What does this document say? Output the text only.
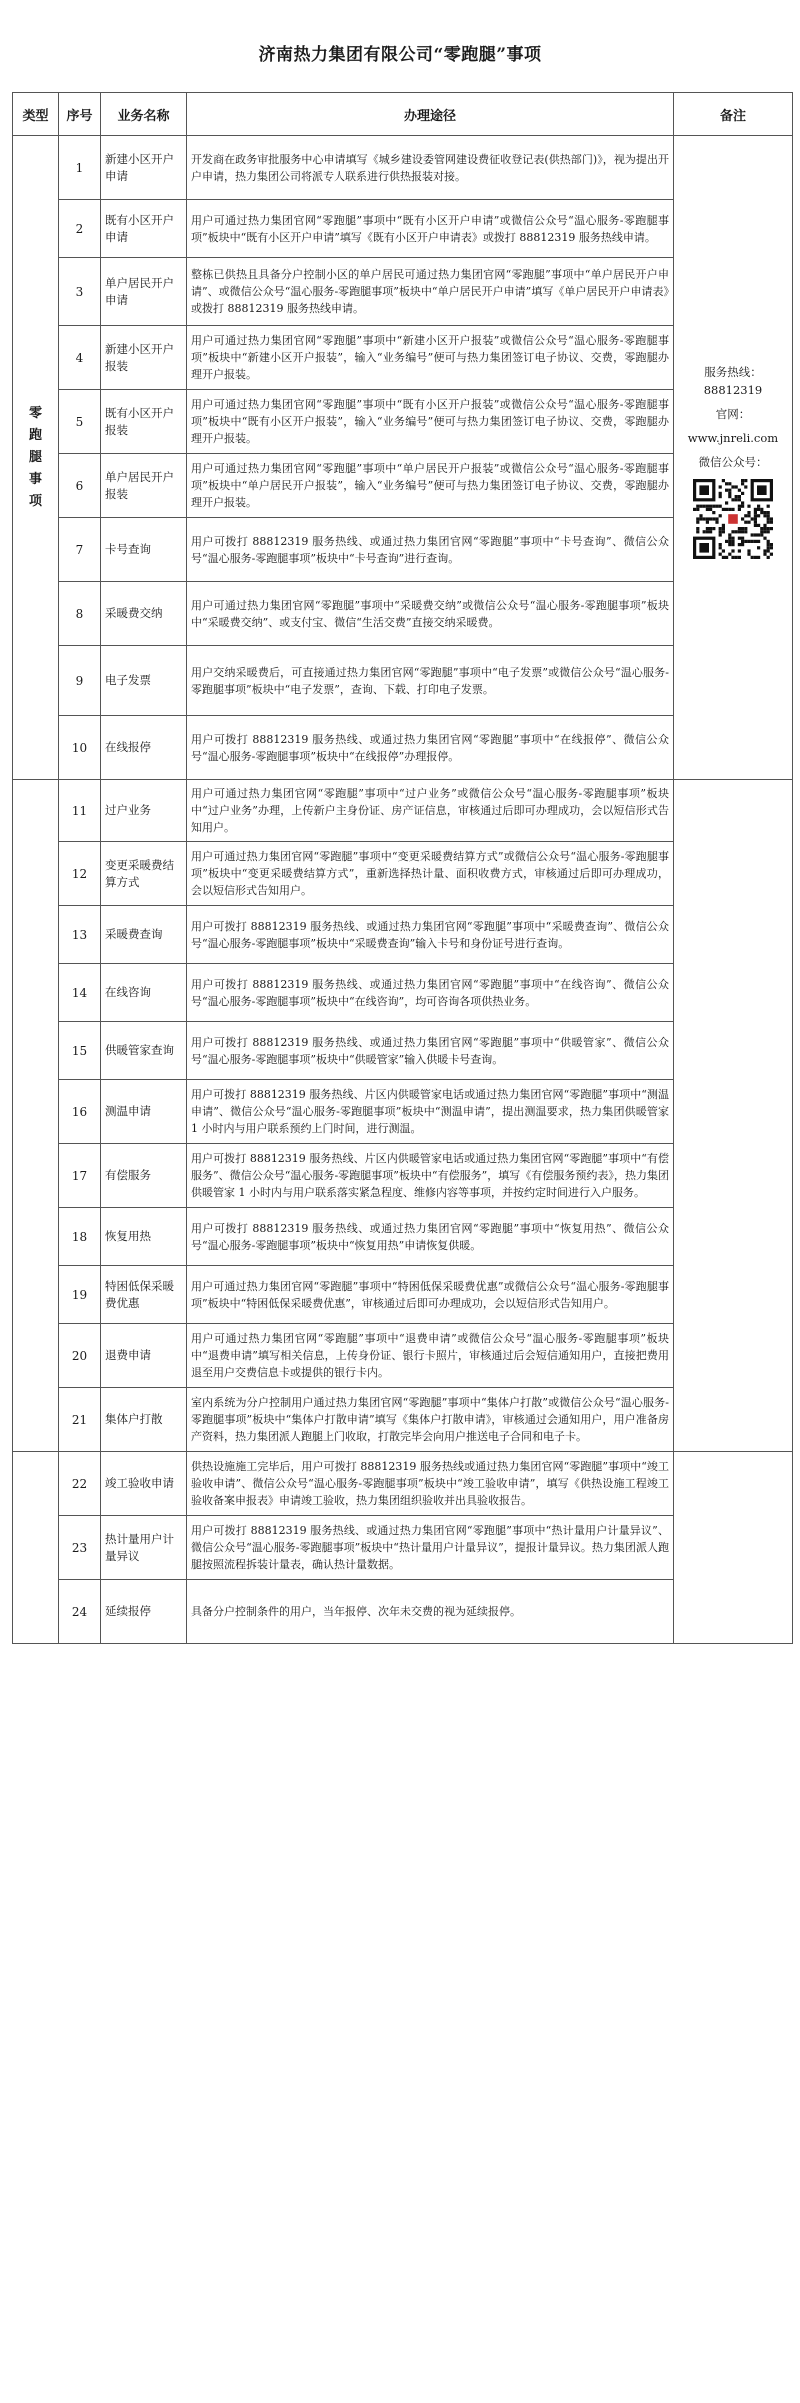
济南热力集团有限公司“零跑腿”事项
类型	序号	业务名称	办理途径	备注
零跑腿事项	1	新建小区开户申请	开发商在政务审批服务中心申请填写《城乡建设委管网建设费征收登记表(供热部门)》，视为提出开户申请，热力集团公司将派专人联系进行供热报装对接。	服务热线：88812319
官网：
www.jnreli.com
微信公众号：

	2	既有小区开户申请	用户可通过热力集团官网“零跑腿”事项中“既有小区开户申请”或微信公众号“温心服务-零跑腿事项”板块中“既有小区开户申请”填写《既有小区开户申请表》或拨打 88812319 服务热线申请。	
	3	单户居民开户申请	整栋已供热且具备分户控制小区的单户居民可通过热力集团官网“零跑腿”事项中“单户居民开户申请”、或微信公众号“温心服务-零跑腿事项”板块中“单户居民开户申请”填写《单户居民开户申请表》或拨打 88812319 服务热线申请。	
	4	新建小区开户报装	用户可通过热力集团官网“零跑腿”事项中“新建小区开户报装”或微信公众号“温心服务-零跑腿事项”板块中“新建小区开户报装”，输入“业务编号”便可与热力集团签订电子协议、交费，零跑腿办理开户报装。	
	5	既有小区开户报装	用户可通过热力集团官网“零跑腿”事项中“既有小区开户报装”或微信公众号“温心服务-零跑腿事项”板块中“既有小区开户报装”，输入“业务编号”便可与热力集团签订电子协议、交费，零跑腿办理开户报装。	
	6	单户居民开户报装	用户可通过热力集团官网“零跑腿”事项中“单户居民开户报装”或微信公众号“温心服务-零跑腿事项”板块中“单户居民开户报装”，输入“业务编号”便可与热力集团签订电子协议、交费，零跑腿办理开户报装。	
	7	卡号查询	用户可拨打 88812319 服务热线、或通过热力集团官网“零跑腿”事项中“卡号查询”、微信公众号“温心服务-零跑腿事项”板块中“卡号查询”进行查询。	
	8	采暖费交纳	用户可通过热力集团官网“零跑腿”事项中“采暖费交纳”或微信公众号“温心服务-零跑腿事项”板块中“采暖费交纳”、或支付宝、微信“生活交费”直接交纳采暖费。	
	9	电子发票	用户交纳采暖费后，可直接通过热力集团官网“零跑腿”事项中“电子发票”或微信公众号“温心服务-零跑腿事项”板块中“电子发票”，查询、下载、打印电子发票。	
	10	在线报停	用户可拨打 88812319 服务热线、或通过热力集团官网“零跑腿”事项中“在线报停”、微信公众号“温心服务-零跑腿事项”板块中“在线报停”办理报停。	
	11	过户业务	用户可通过热力集团官网“零跑腿”事项中“过户业务”或微信公众号“温心服务-零跑腿事项”板块中“过户业务”办理，上传新户主身份证、房产证信息，审核通过后即可办理成功，会以短信形式告知用户。	
	12	变更采暖费结算方式	用户可通过热力集团官网“零跑腿”事项中“变更采暖费结算方式”或微信公众号“温心服务-零跑腿事项”板块中“变更采暖费结算方式”，重新选择热计量、面积收费方式，审核通过后即可办理成功，会以短信形式告知用户。	
	13	采暖费查询	用户可拨打 88812319 服务热线、或通过热力集团官网“零跑腿”事项中“采暖费查询”、微信公众号“温心服务-零跑腿事项”板块中“采暖费查询”输入卡号和身份证号进行查询。	
	14	在线咨询	用户可拨打 88812319 服务热线、或通过热力集团官网“零跑腿”事项中“在线咨询”、微信公众号“温心服务-零跑腿事项”板块中“在线咨询”，均可咨询各项供热业务。	
	15	供暖管家查询	用户可拨打 88812319 服务热线、或通过热力集团官网“零跑腿”事项中“供暖管家”、微信公众号“温心服务-零跑腿事项”板块中“供暖管家”输入供暖卡号查询。	
	16	测温申请	用户可拨打 88812319 服务热线、片区内供暖管家电话或通过热力集团官网“零跑腿”事项中“测温申请”、微信公众号“温心服务-零跑腿事项”板块中“测温申请”，提出测温要求，热力集团供暖管家 1 小时内与用户联系预约上门时间，进行测温。	
	17	有偿服务	用户可拨打 88812319 服务热线、片区内供暖管家电话或通过热力集团官网“零跑腿”事项中“有偿服务”、微信公众号“温心服务-零跑腿事项”板块中“有偿服务”，填写《有偿服务预约表》，热力集团供暖管家 1 小时内与用户联系落实紧急程度、维修内容等事项，并按约定时间进行入户服务。	
	18	恢复用热	用户可拨打 88812319 服务热线、或通过热力集团官网“零跑腿”事项中“恢复用热”、微信公众号“温心服务-零跑腿事项”板块中“恢复用热”申请恢复供暖。	
	19	特困低保采暖费优惠	用户可通过热力集团官网“零跑腿”事项中“特困低保采暖费优惠”或微信公众号“温心服务-零跑腿事项”板块中“特困低保采暖费优惠”，审核通过后即可办理成功，会以短信形式告知用户。	
	20	退费申请	用户可通过热力集团官网“零跑腿”事项中“退费申请”或微信公众号“温心服务-零跑腿事项”板块中“退费申请”填写相关信息，上传身份证、银行卡照片，审核通过后会短信通知用户，直接把费用退至用户交费信息卡或提供的银行卡内。	
	21	集体户打散	室内系统为分户控制用户通过热力集团官网“零跑腿”事项中“集体户打散”或微信公众号“温心服务-零跑腿事项”板块中“集体户打散申请”填写《集体户打散申请》，审核通过会通知用户，用户准备房产资料，热力集团派人跑腿上门收取，打散完毕会向用户推送电子合同和电子卡。	
	22	竣工验收申请	供热设施施工完毕后，用户可拨打 88812319 服务热线或通过热力集团官网“零跑腿”事项中“竣工验收申请”、微信公众号“温心服务-零跑腿事项”板块中“竣工验收申请”，填写《供热设施工程竣工验收备案申报表》申请竣工验收，热力集团组织验收并出具验收报告。	
	23	热计量用户计量异议	用户可拨打 88812319 服务热线、或通过热力集团官网“零跑腿”事项中“热计量用户计量异议”、微信公众号“温心服务-零跑腿事项”板块中“热计量用户计量异议”，提报计量异议。热力集团派人跑腿按照流程拆装计量表，确认热计量数据。	
	24	延续报停	具备分户控制条件的用户，当年报停、次年未交费的视为延续报停。	
